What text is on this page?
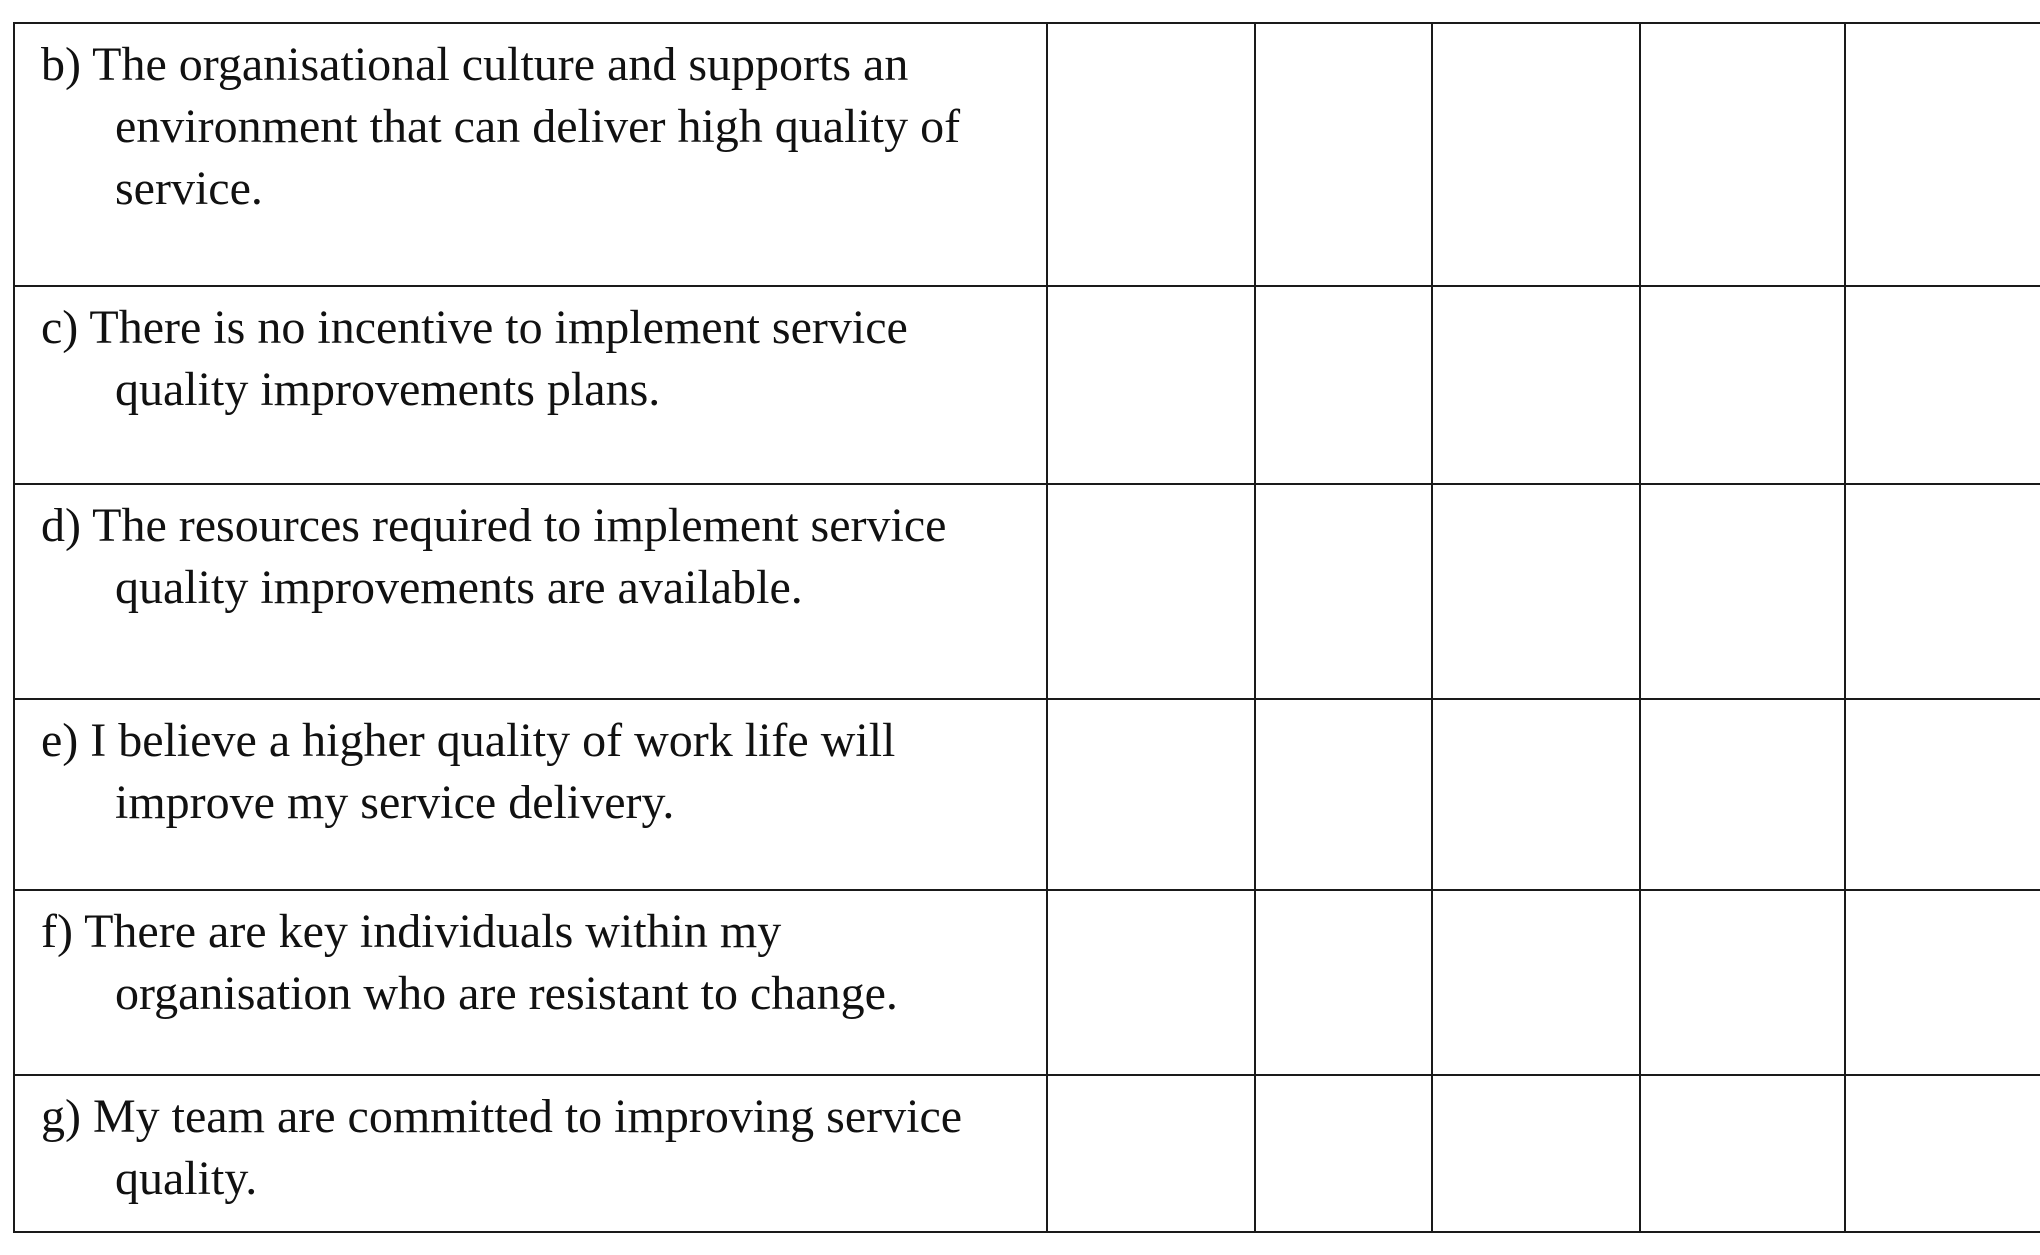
b) The organisational culture and supports an environment that can deliver high quality of service.					

c) There is no incentive to implement service quality improvements plans.					

d) The resources required to implement service quality improvements are available.					

e) I believe a higher quality of work life will improve my service delivery.					

f) There are key individuals within my organisation who are resistant to change.					

g) My team are committed to improving service quality.					
